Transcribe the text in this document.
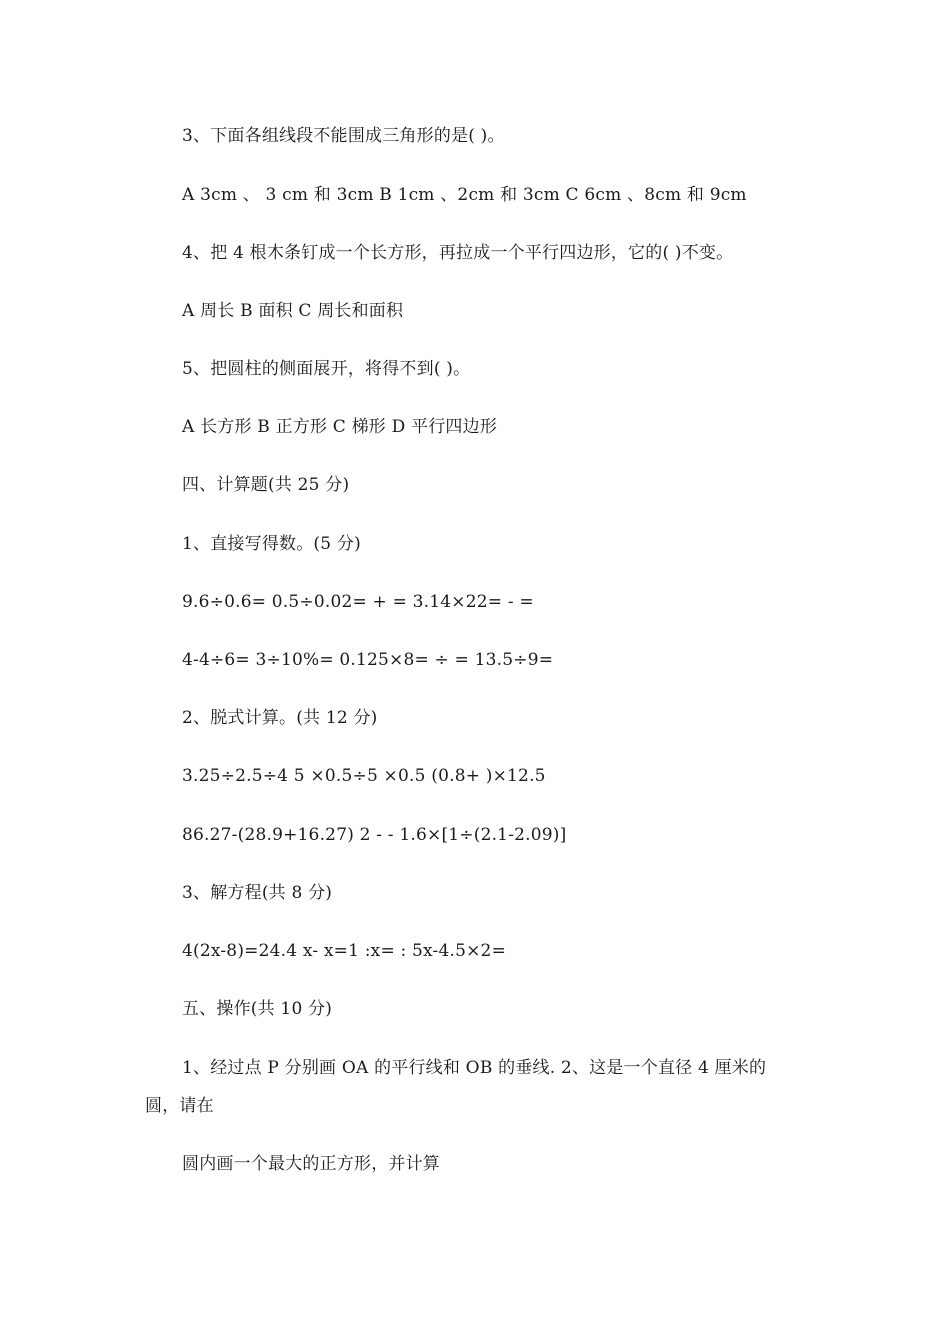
3、下面各组线段不能围成三角形的是( )。
A 3cm 、 3 cm 和 3cm B 1cm 、2cm 和 3cm C 6cm 、8cm 和 9cm
4、把 4 根木条钉成一个长方形，再拉成一个平行四边形，它的( )不变。
A 周长 B 面积 C 周长和面积
5、把圆柱的侧面展开，将得不到( )。
A 长方形 B 正方形 C 梯形 D 平行四边形
四、计算题(共 25 分)
1、直接写得数。(5 分)
9.6÷0.6= 0.5÷0.02= + = 3.14×22= - =
4-4÷6= 3÷10%= 0.125×8= ÷ = 13.5÷9=
2、脱式计算。(共 12 分)
3.25÷2.5÷4 5 ×0.5÷5 ×0.5 (0.8+ )×12.5
86.27-(28.9+16.27) 2 - - 1.6×[1÷(2.1-2.09)]
3、解方程(共 8 分)
4(2x-8)=24.4 x- x=1 :x= : 5x-4.5×2=
五、操作(共 10 分)
1、经过点 P 分别画 OA 的平行线和 OB 的垂线. 2、这是一个直径 4 厘米的
圆，请在
圆内画一个最大的正方形，并计算
